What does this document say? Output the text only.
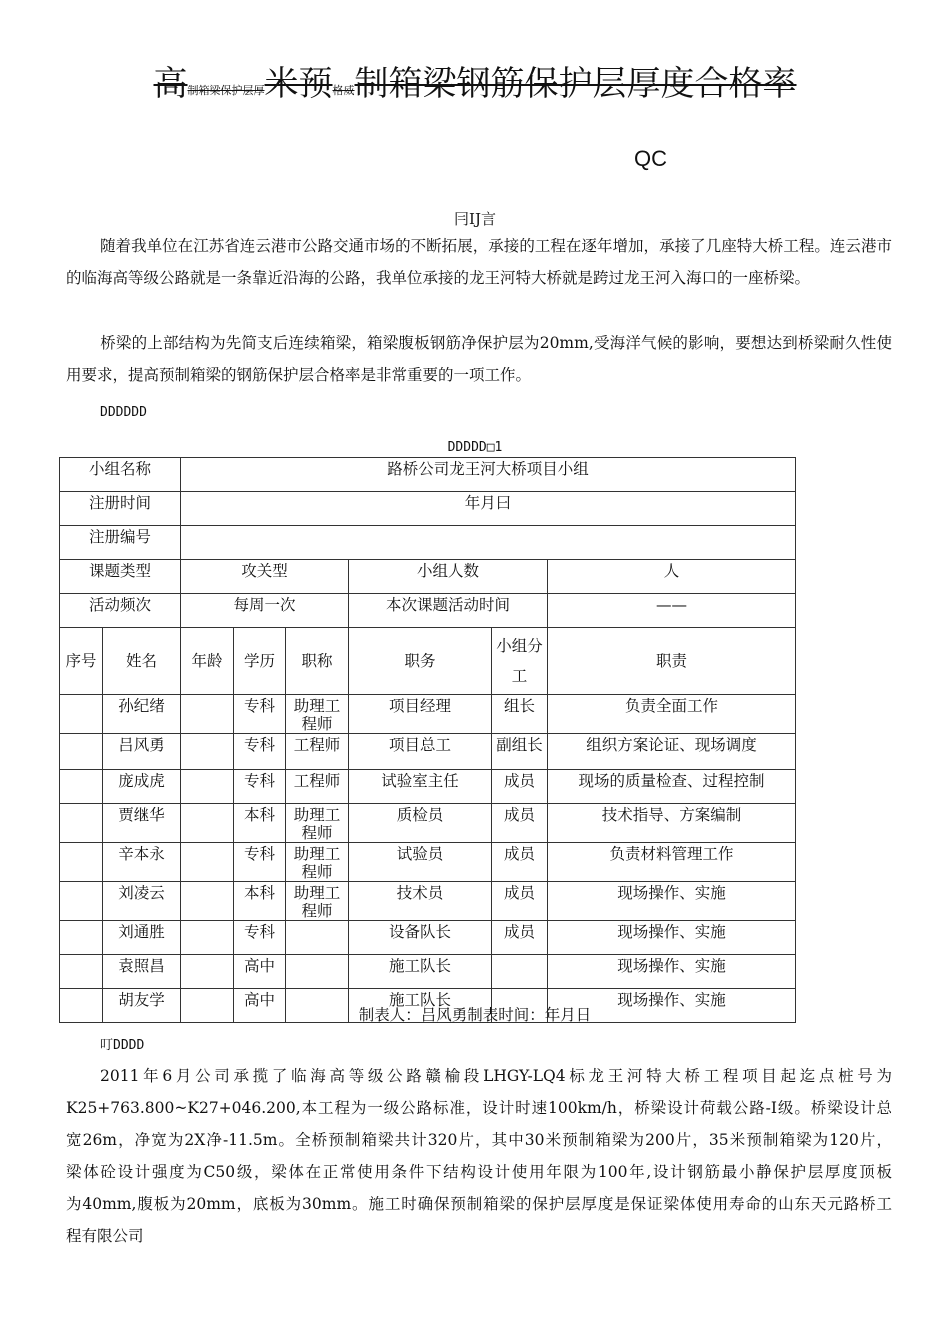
高制箱梁保护层厚米预格威制箱梁钢筋保护层厚度合格率
QC
冃IJ言

随着我单位在江苏省连云港市公路交通市场的不断拓展，承接的工程在逐年增加，承接了几座特大桥工程。连云港市的临海高等级公路就是一条靠近沿海的公路，我单位承接的龙王河特大桥就是跨过龙王河入海口的一座桥梁。

桥梁的上部结构为先简支后连续箱梁，箱梁腹板钢筋净保护层为20mm,受海洋气候的影响，要想达到桥梁耐久性使用要求，提高预制箱梁的钢筋保护层合格率是非常重要的一项工作。

DDDDDD
DDDDD□1
小组名称		路桥公司龙王河大桥项目小组					
注册时间		年月曰					
注册编号							
课题类型		攻关型			小组人数		人
活动频次		每周一次			本次课题活动时间		——
序号	姓名	年龄	学历	职称	职务	小组分工	职责
	孙纪绪		专科	助理工程师	项目经理	组长	负责全面工作
	吕风勇		专科	工程师	项目总工	副组长	组织方案论证、现场调度
	庞成虎		专科	工程师	试验室主任	成员	现场的质量检查、过程控制
	贾继华		本科	助理工程师	质检员	成员	技术指导、方案编制
	辛本永		专科	助理工程师	试验员	成员	负责材料管理工作
	刘凌云		本科	助理工程师	技术员	成员	现场操作、实施
	刘通胜		专科		设备队长	成员	现场操作、实施
	袁照昌		高中		施工队长		现场操作、实施
	胡友学		高中		施工队长		现场操作、实施
制表人：吕风勇制表时间：年月日
叮DDDD
2011年6月公司承揽了临海高等级公路赣榆段LHGY-LQ4标龙王河特大桥工程项目起迄点桩号为
K25+763.800~K27+046.200,本工程为一级公路标准，设计时速100km/h，桥梁设计荷载公路-I级。桥梁设计总
宽26m，净宽为2X净-11.5m。全桥预制箱梁共计320片，其中30米预制箱梁为200片，35米预制箱梁为120片，
梁体砼设计强度为C50级，梁体在正常使用条件下结构设计使用年限为100年,设计钢筋最小静保护层厚度顶板
为40mm,腹板为20mm，底板为30mm。施工时确保预制箱梁的保护层厚度是保证梁体使用寿命的山东天元路桥工
程有限公司
